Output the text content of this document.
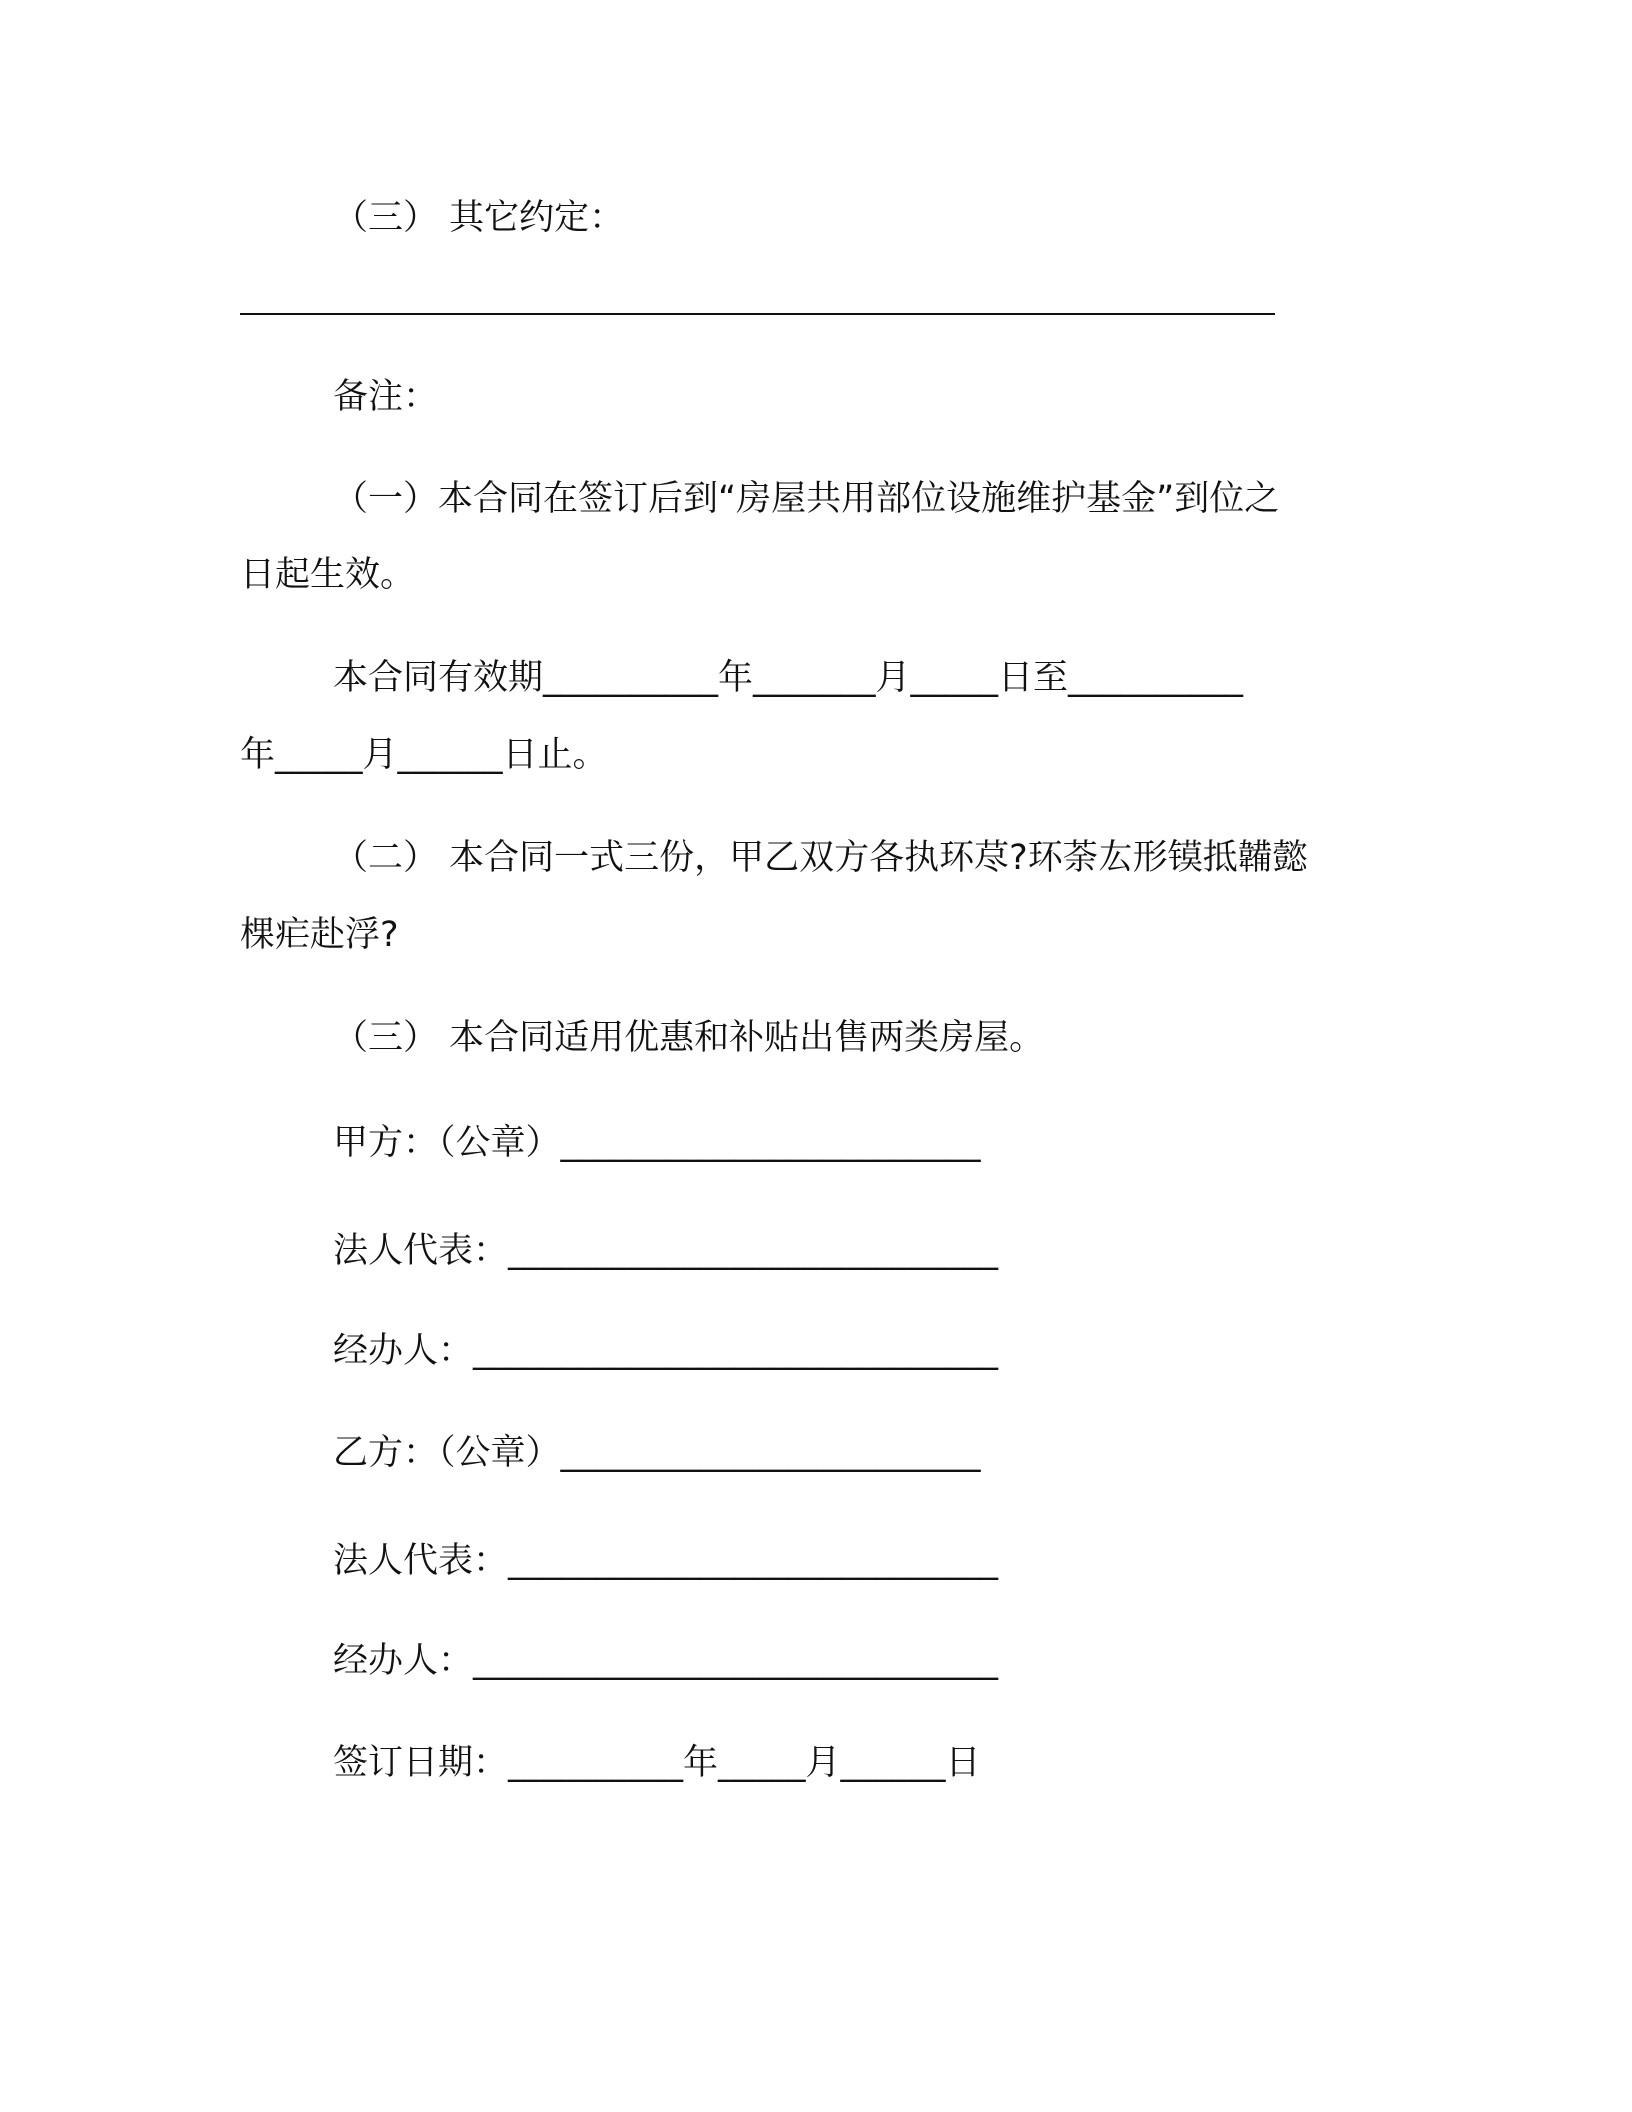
（三） 其它约定：
备注：
（一）本合同在签订后到“房屋共用部位设施维护基金”到位之
日起生效。
本合同有效期__________年_______月_____日至__________
年_____月______日止。
（二） 本合同一式三份，甲乙双方各执环荩?环荼厷形镆抵韛懿
棵疟赴浮?
（三） 本合同适用优惠和补贴出售两类房屋。
甲方：（公章）________________________
法人代表：____________________________
经办人：______________________________
乙方：（公章）________________________
法人代表：____________________________
经办人：______________________________
签订日期：__________年_____月______日
